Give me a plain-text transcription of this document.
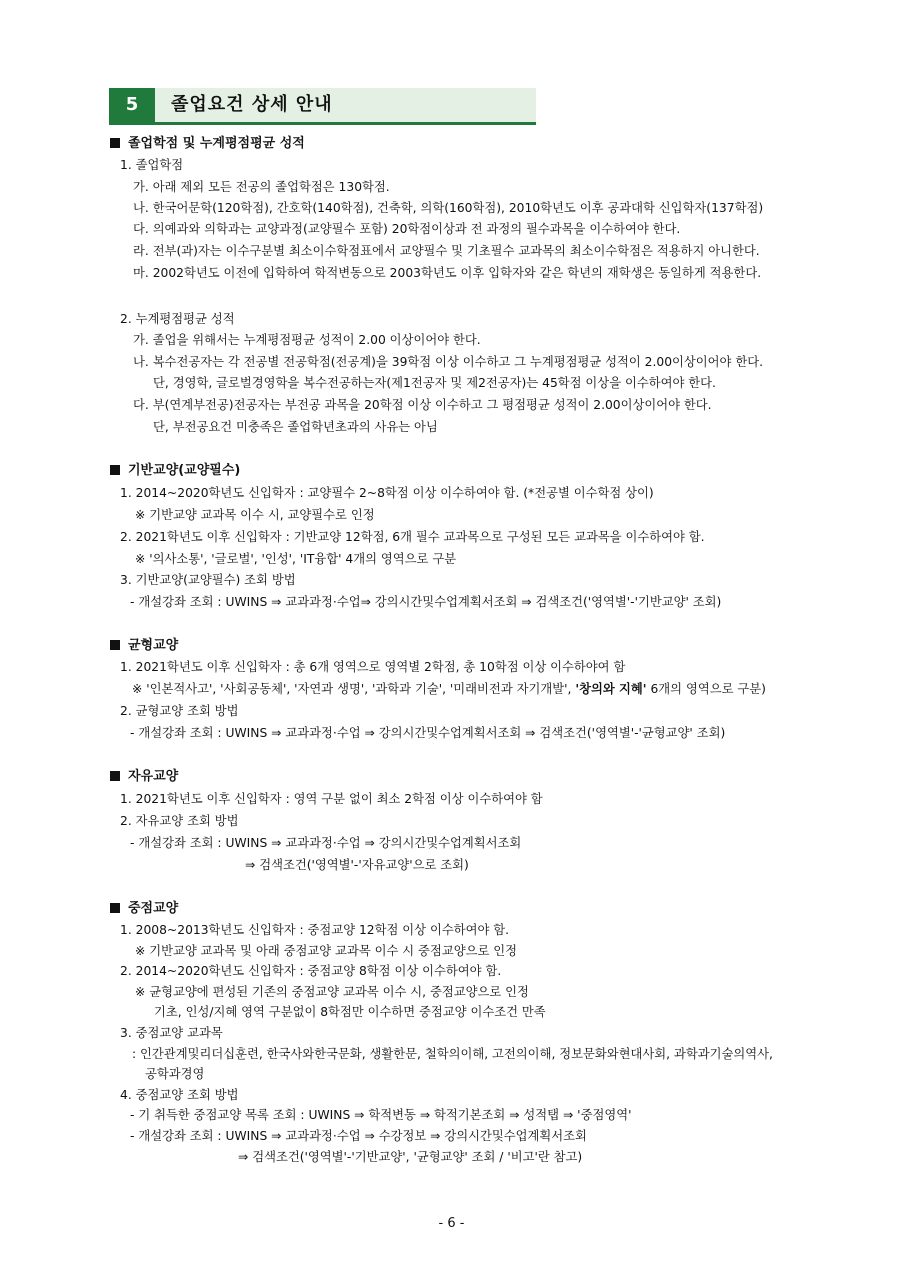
5	졸업요건 상세 안내
졸업학점 및 누계평점평균 성적
1. 졸업학점
가. 아래 제외 모든 전공의 졸업학점은 130학점.
나. 한국어문학(120학점), 간호학(140학점), 건축학, 의학(160학점), 2010학년도 이후 공과대학 신입학자(137학점)
다. 의예과와 의학과는 교양과정(교양필수 포함) 20학점이상과 전 과정의 필수과목을 이수하여야 한다.
라. 전부(과)자는 이수구분별 최소이수학점표에서 교양필수 및 기초필수 교과목의 최소이수학점은 적용하지 아니한다.
마. 2002학년도 이전에 입학하여 학적변동으로 2003학년도 이후 입학자와 같은 학년의 재학생은 동일하게 적용한다.
2. 누계평점평균 성적
가. 졸업을 위해서는 누계평점평균 성적이 2.00 이상이어야 한다.
나. 복수전공자는 각 전공별 전공학점(전공계)을 39학점 이상 이수하고 그 누계평점평균 성적이 2.00이상이어야 한다.
단, 경영학, 글로벌경영학을 복수전공하는자(제1전공자 및 제2전공자)는 45학점 이상을 이수하여야 한다.
다. 부(연계부전공)전공자는 부전공 과목을 20학점 이상 이수하고 그 평점평균 성적이 2.00이상이어야 한다.
단, 부전공요건 미충족은 졸업학년초과의 사유는 아님
기반교양(교양필수)
1. 2014~2020학년도 신입학자 : 교양필수 2~8학점 이상 이수하여야 함. (*전공별 이수학점 상이)
※ 기반교양 교과목 이수 시, 교양필수로 인정
2. 2021학년도 이후 신입학자 : 기반교양 12학점, 6개 필수 교과목으로 구성된 모든 교과목을 이수하여야 함.
※ '의사소통', '글로벌', '인성', 'IT융합' 4개의 영역으로 구분
3. 기반교양(교양필수) 조회 방법
- 개설강좌 조회 : UWINS ⇒ 교과과정·수업⇒ 강의시간및수업계획서조회 ⇒ 검색조건('영역별'-'기반교양' 조회)
균형교양
1. 2021학년도 이후 신입학자 : 총 6개 영역으로 영역별 2학점, 총 10학점 이상 이수하야여 함
※ '인본적사고', '사회공동체', '자연과 생명', '과학과 기술', '미래비전과 자기개발', '창의와 지혜' 6개의 영역으로 구분)
2. 균형교양 조회 방법
- 개설강좌 조회 : UWINS ⇒ 교과과정·수업 ⇒ 강의시간및수업계획서조회 ⇒ 검색조건('영역별'-'균형교양' 조회)
자유교양
1. 2021학년도 이후 신입학자 : 영역 구분 없이 최소 2학점 이상 이수하여야 함
2. 자유교양 조회 방법
- 개설강좌 조회 : UWINS ⇒ 교과과정·수업 ⇒ 강의시간및수업계획서조회
⇒ 검색조건('영역별'-'자유교양'으로 조회)
중점교양
1. 2008~2013학년도 신입학자 : 중점교양 12학점 이상 이수하여야 함.
※ 기반교양 교과목 및 아래 중점교양 교과목 이수 시 중점교양으로 인정
2. 2014~2020학년도 신입학자 : 중점교양 8학점 이상 이수하여야 함.
※ 균형교양에 편성된 기존의 중점교양 교과목 이수 시, 중점교양으로 인정
기초, 인성/지혜 영역 구분없이 8학점만 이수하면 중점교양 이수조건 만족
3. 중점교양 교과목
: 인간관계및리더십훈련, 한국사와한국문화, 생활한문, 철학의이해, 고전의이해, 정보문화와현대사회, 과학과기술의역사,
공학과경영
4. 중점교양 조회 방법
- 기 취득한 중점교양 목록 조회 : UWINS ⇒ 학적변동 ⇒ 학적기본조회 ⇒ 성적탭 ⇒ '중점영역'
- 개설강좌 조회 : UWINS ⇒ 교과과정·수업 ⇒ 수강정보 ⇒ 강의시간및수업계획서조회
⇒ 검색조건('영역별'-'기반교양', '균형교양' 조회 / '비고'란 참고)
- 6 -
